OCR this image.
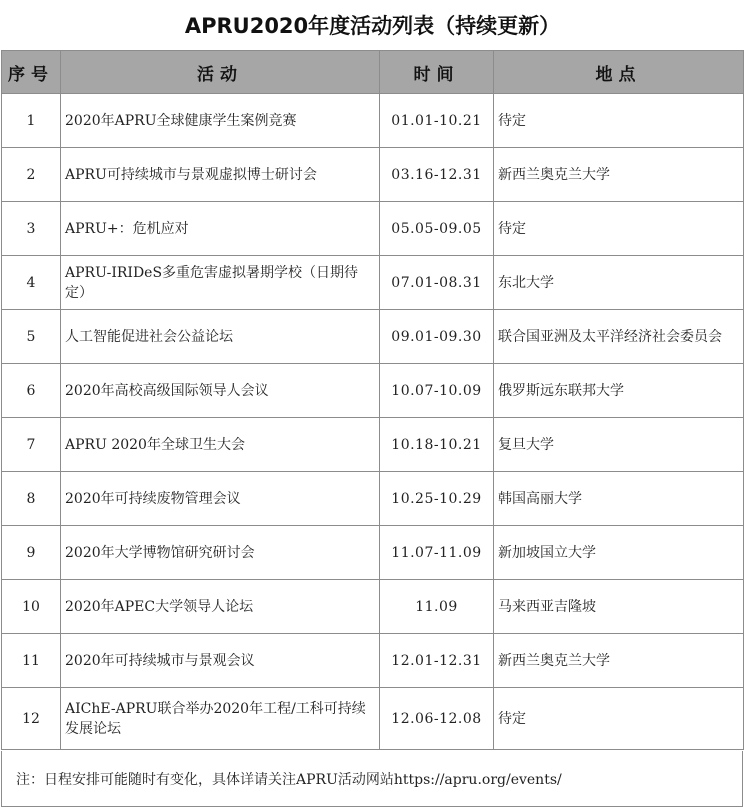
APRU2020年度活动列表（持续更新）
序号	活动	时间	地点
1	2020年APRU全球健康学生案例竞赛	01.01-10.21	待定
2	APRU可持续城市与景观虚拟博士研讨会	03.16-12.31	新西兰奥克兰大学
3	APRU+：危机应对	05.05-09.05	待定
4	APRU-IRIDeS多重危害虚拟暑期学校（日期待定）	07.01-08.31	东北大学
5	人工智能促进社会公益论坛	09.01-09.30	联合国亚洲及太平洋经济社会委员会
6	2020年高校高级国际领导人会议	10.07-10.09	俄罗斯远东联邦大学
7	APRU 2020年全球卫生大会	10.18-10.21	复旦大学
8	2020年可持续废物管理会议	10.25-10.29	韩国高丽大学
9	2020年大学博物馆研究研讨会	11.07-11.09	新加坡国立大学
10	2020年APEC大学领导人论坛	11.09	马来西亚吉隆坡
11	2020年可持续城市与景观会议	12.01-12.31	新西兰奥克兰大学
12	AIChE-APRU联合举办2020年工程/工科可持续发展论坛	12.06-12.08	待定
注：日程安排可能随时有变化，具体详请关注APRU活动网站https://apru.org/events/
